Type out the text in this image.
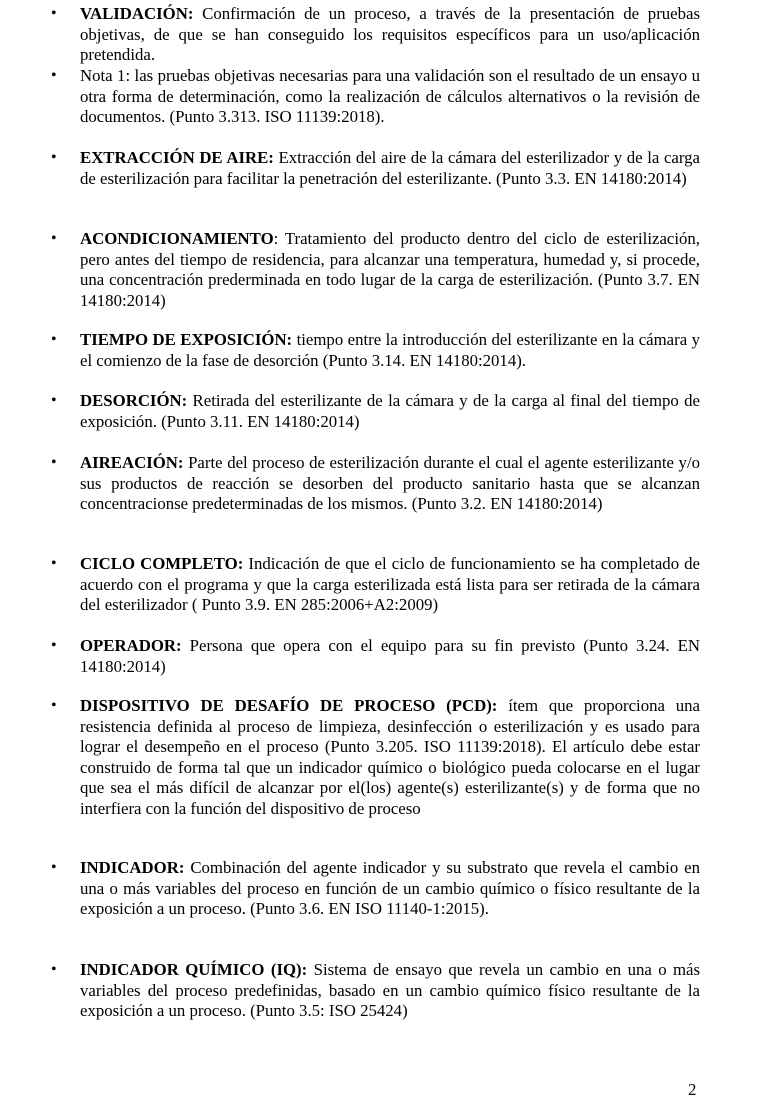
• VALIDACIÓN: Confirmación de un proceso, a través de la presentación de pruebas objetivas, de que se han conseguido los requisitos específicos para un uso/aplicación pretendida.
• Nota 1: las pruebas objetivas necesarias para una validación son el resultado de un ensayo u otra forma de determinación, como la realización de cálculos alternativos o la revisión de documentos. (Punto 3.313. ISO 11139:2018).
• EXTRACCIÓN DE AIRE: Extracción del aire de la cámara del esterilizador y de la carga de esterilización para facilitar la penetración del esterilizante. (Punto 3.3. EN 14180:2014)
• ACONDICIONAMIENTO: Tratamiento del producto dentro del ciclo de esterilización, pero antes del tiempo de residencia, para alcanzar una temperatura, humedad y, si procede, una concentración prederminada en todo lugar de la carga de esterilización. (Punto 3.7. EN 14180:2014)
• TIEMPO DE EXPOSICIÓN: tiempo entre la introducción del esterilizante en la cámara y el comienzo de la fase de desorción (Punto 3.14. EN 14180:2014).
• DESORCIÓN: Retirada del esterilizante de la cámara y de la carga al final del tiempo de exposición. (Punto 3.11. EN 14180:2014)
• AIREACIÓN: Parte del proceso de esterilización durante el cual el agente esterilizante y/o sus productos de reacción se desorben del producto sanitario hasta que se alcanzan concentracionse predeterminadas de los mismos. (Punto 3.2. EN 14180:2014)
• CICLO COMPLETO: Indicación de que el ciclo de funcionamiento se ha completado de acuerdo con el programa y que la carga esterilizada está lista para ser retirada de la cámara del esterilizador ( Punto 3.9. EN 285:2006+A2:2009)
• OPERADOR: Persona que opera con el equipo para su fin previsto (Punto 3.24. EN 14180:2014)
• DISPOSITIVO DE DESAFÍO DE PROCESO (PCD): ítem que proporciona una resistencia definida al proceso de limpieza, desinfección o esterilización y es usado para lograr el desempeño en el proceso (Punto 3.205. ISO 11139:2018). El artículo debe estar construido de forma tal que un indicador químico o biológico pueda colocarse en el lugar que sea el más difícil de alcanzar por el(los) agente(s) esterilizante(s) y de forma que no interfiera con la función del dispositivo de proceso
• INDICADOR: Combinación del agente indicador y su substrato que revela el cambio en una o más variables del proceso en función de un cambio químico o físico resultante de la exposición a un proceso. (Punto 3.6. EN ISO 11140-1:2015).
• INDICADOR QUÍMICO (IQ): Sistema de ensayo que revela un cambio en una o más variables del proceso predefinidas, basado en un cambio químico físico resultante de la exposición a un proceso. (Punto 3.5: ISO 25424)
2
